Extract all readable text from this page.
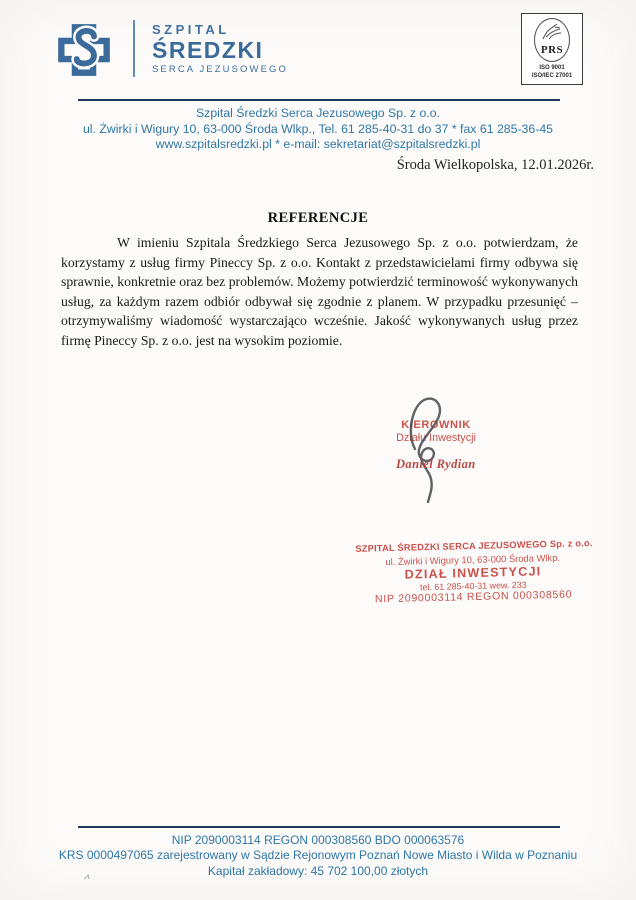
SZPITAL
ŚREDZKI
SERCA JEZUSOWEGO
PRS
ISO 9001
ISO/IEC 27001
Szpital Średzki Serca Jezusowego Sp. z o.o.
ul. Żwirki i Wigury 10, 63-000 Środa Wlkp., Tel. 61 285-40-31 do 37 * fax 61 285-36-45
www.szpitalsredzki.pl * e-mail: sekretariat@szpitalsredzki.pl
Środa Wielkopolska, 12.01.2026r.
REFERENCJE
W imieniu Szpitala Średzkiego Serca Jezusowego Sp. z o.o. potwierdzam, że korzystamy z usług firmy Pineccy Sp. z o.o. Kontakt z przedstawicielami firmy odbywa się sprawnie, konkretnie oraz bez problemów. Możemy potwierdzić terminowość wykonywanych usług, za każdym razem odbiór odbywał się zgodnie z planem. W przypadku przesunięć – otrzymywaliśmy wiadomość wystarczająco wcześnie. Jakość wykonywanych usług przez firmę Pineccy Sp. z o.o. jest na wysokim poziomie.
KIEROWNIK
Działu Inwestycji
Daniel Rydian
SZPITAL ŚREDZKI SERCA JEZUSOWEGO Sp. z o.o.
ul. Żwirki i Wigury 10, 63-000 Środa Wlkp.
DZIAŁ INWESTYCJI
tel. 61 285-40-31 wew. 233
NIP 2090003114 REGON 000308560
NIP 2090003114 REGON 000308560 BDO 000063576
KRS 0000497065 zarejestrowany w Sądzie Rejonowym Poznań Nowe Miasto i Wilda w Poznaniu
Kapitał zakładowy: 45 702 100,00 złotych
